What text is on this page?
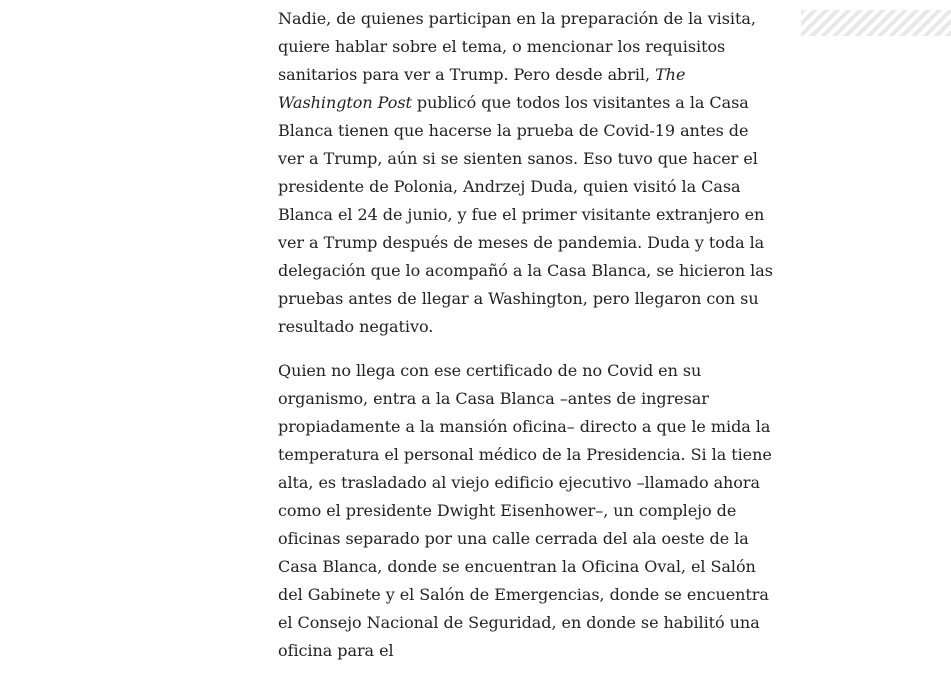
Nadie, de quienes participan en la preparación de la visita, quiere hablar sobre el tema, o mencionar los requisitos sanitarios para ver a Trump. Pero desde abril, The Washington Post publicó que todos los visitantes a la Casa Blanca tienen que hacerse la prueba de Covid-19 antes de ver a Trump, aún si se sienten sanos. Eso tuvo que hacer el presidente de Polonia, Andrzej Duda, quien visitó la Casa Blanca el 24 de junio, y fue el primer visitante extranjero en ver a Trump después de meses de pandemia. Duda y toda la delegación que lo acompañó a la Casa Blanca, se hicieron las pruebas antes de llegar a Washington, pero llegaron con su resultado negativo.

Quien no llega con ese certificado de no Covid en su organismo, entra a la Casa Blanca –antes de ingresar propiadamente a la mansión oficina– directo a que le mida la temperatura el personal médico de la Presidencia. Si la tiene alta, es trasladado al viejo edificio ejecutivo –llamado ahora como el presidente Dwight Eisenhower–, un complejo de oficinas separado por una calle cerrada del ala oeste de la Casa Blanca, donde se encuentran la Oficina Oval, el Salón del Gabinete y el Salón de Emergencias, donde se encuentra el Consejo Nacional de Seguridad, en donde se habilitó una oficina para el
